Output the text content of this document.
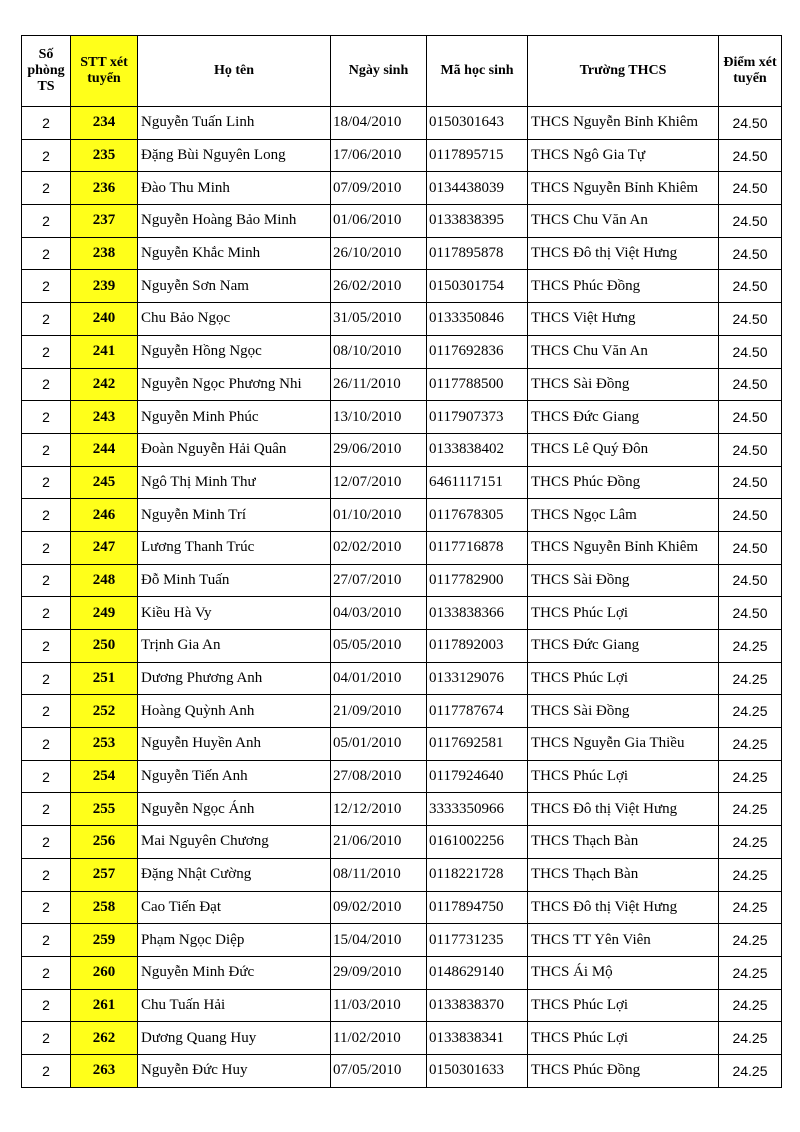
Số phòng TS	STT xét tuyển	Họ tên	Ngày sinh	Mã học sinh	Trường THCS	Điểm xét tuyển
2	234	Nguyễn Tuấn Linh	18/04/2010	0150301643	THCS Nguyễn Bỉnh Khiêm	24.50
2	235	Đặng Bùi Nguyên Long	17/06/2010	0117895715	THCS Ngô Gia Tự	24.50
2	236	Đào Thu Minh	07/09/2010	0134438039	THCS Nguyễn Bỉnh Khiêm	24.50
2	237	Nguyễn Hoàng Bảo Minh	01/06/2010	0133838395	THCS Chu Văn An	24.50
2	238	Nguyễn Khắc Minh	26/10/2010	0117895878	THCS Đô thị Việt Hưng	24.50
2	239	Nguyễn Sơn Nam	26/02/2010	0150301754	THCS Phúc Đồng	24.50
2	240	Chu Bảo Ngọc	31/05/2010	0133350846	THCS Việt Hưng	24.50
2	241	Nguyễn Hồng Ngọc	08/10/2010	0117692836	THCS Chu Văn An	24.50
2	242	Nguyễn Ngọc Phương Nhi	26/11/2010	0117788500	THCS Sài Đồng	24.50
2	243	Nguyễn Minh Phúc	13/10/2010	0117907373	THCS Đức Giang	24.50
2	244	Đoàn Nguyễn Hải Quân	29/06/2010	0133838402	THCS Lê Quý Đôn	24.50
2	245	Ngô Thị Minh Thư	12/07/2010	6461117151	THCS Phúc Đồng	24.50
2	246	Nguyễn Minh Trí	01/10/2010	0117678305	THCS Ngọc Lâm	24.50
2	247	Lương Thanh Trúc	02/02/2010	0117716878	THCS Nguyễn Bỉnh Khiêm	24.50
2	248	Đỗ Minh Tuấn	27/07/2010	0117782900	THCS Sài Đồng	24.50
2	249	Kiều Hà Vy	04/03/2010	0133838366	THCS Phúc Lợi	24.50
2	250	Trịnh Gia An	05/05/2010	0117892003	THCS Đức Giang	24.25
2	251	Dương Phương Anh	04/01/2010	0133129076	THCS Phúc Lợi	24.25
2	252	Hoàng Quỳnh Anh	21/09/2010	0117787674	THCS Sài Đồng	24.25
2	253	Nguyễn Huyền Anh	05/01/2010	0117692581	THCS Nguyễn Gia Thiều	24.25
2	254	Nguyễn Tiến Anh	27/08/2010	0117924640	THCS Phúc Lợi	24.25
2	255	Nguyễn Ngọc Ánh	12/12/2010	3333350966	THCS Đô thị Việt Hưng	24.25
2	256	Mai Nguyên Chương	21/06/2010	0161002256	THCS Thạch Bàn	24.25
2	257	Đặng Nhật Cường	08/11/2010	0118221728	THCS Thạch Bàn	24.25
2	258	Cao Tiến Đạt	09/02/2010	0117894750	THCS Đô thị Việt Hưng	24.25
2	259	Phạm Ngọc Diệp	15/04/2010	0117731235	THCS TT Yên Viên	24.25
2	260	Nguyễn Minh Đức	29/09/2010	0148629140	THCS Ái Mộ	24.25
2	261	Chu Tuấn Hải	11/03/2010	0133838370	THCS Phúc Lợi	24.25
2	262	Dương Quang Huy	11/02/2010	0133838341	THCS Phúc Lợi	24.25
2	263	Nguyễn Đức Huy	07/05/2010	0150301633	THCS Phúc Đồng	24.25
